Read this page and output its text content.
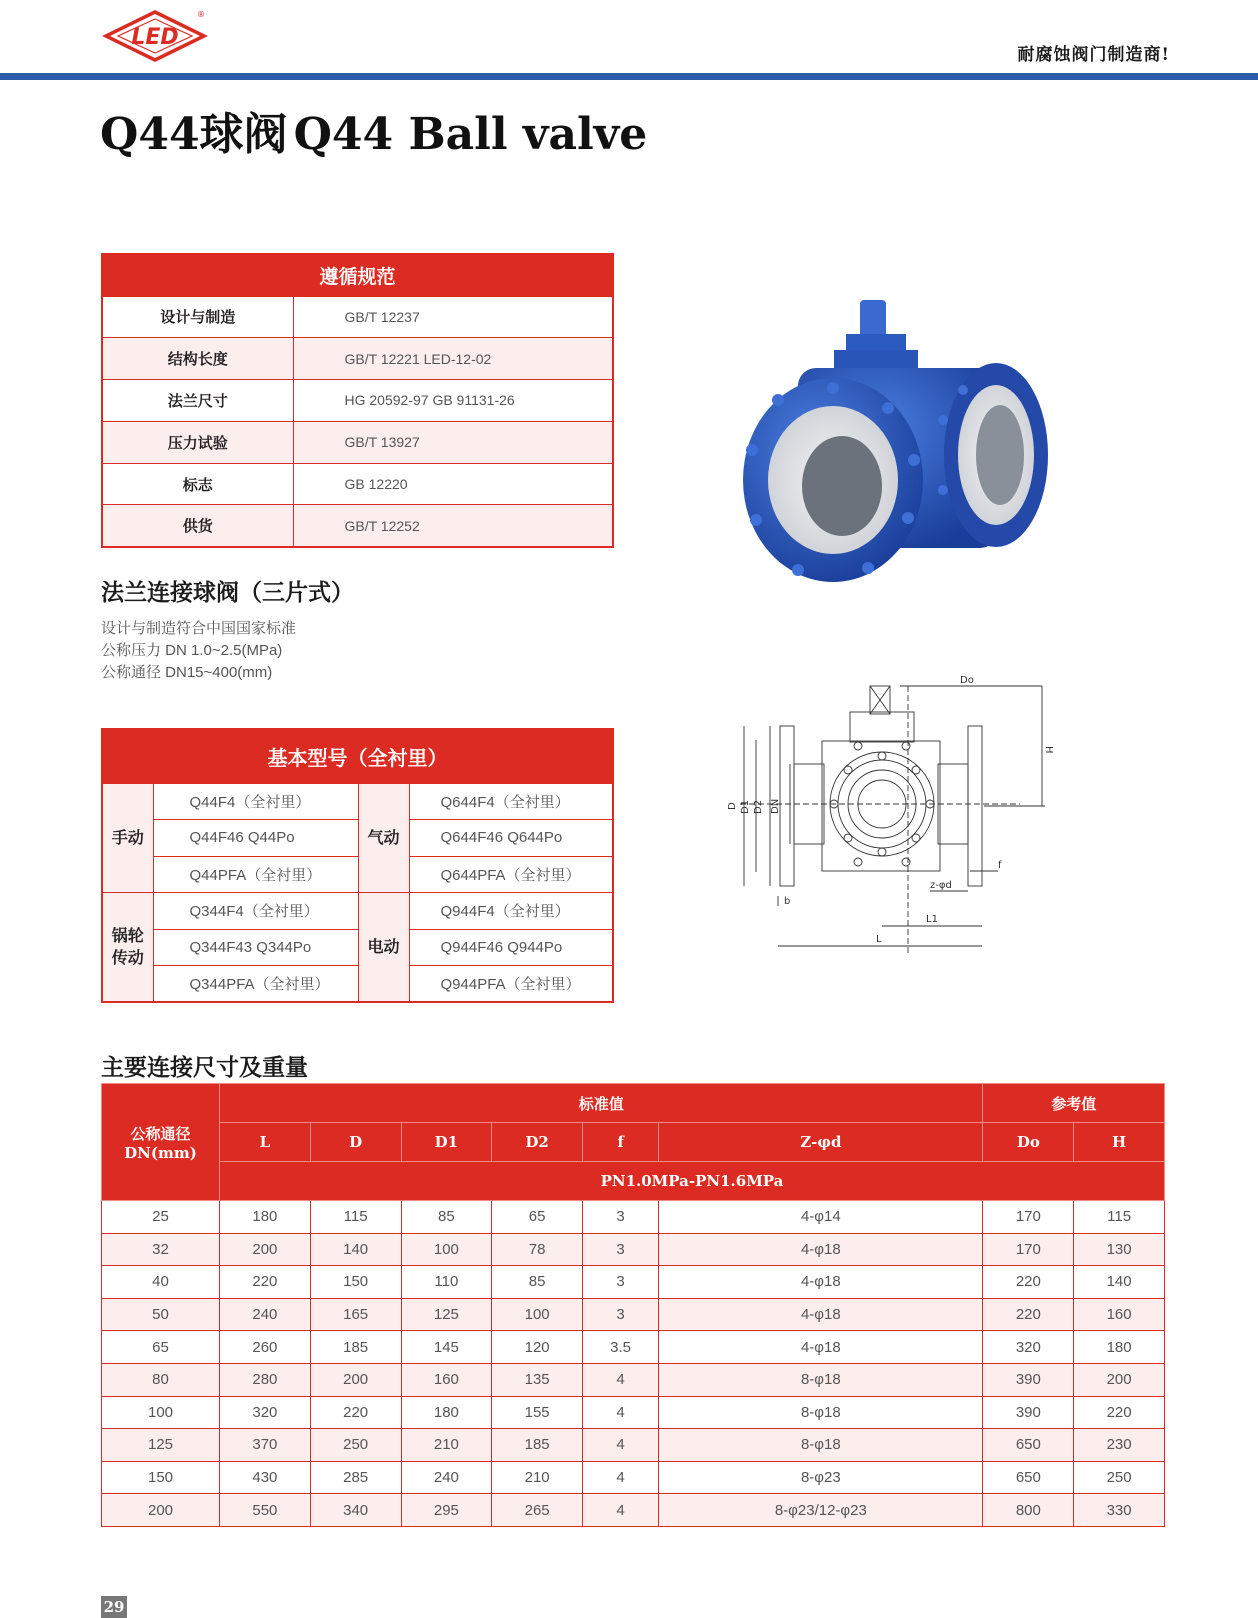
LED
®
耐腐蚀阀门制造商!
Q44球阀 Q44 Ball valve
遵循规范	
设计与制造	GB/T 12237
结构长度	GB/T 12221 LED-12-02
法兰尺寸	HG 20592-97 GB 91131-26
压力试验	GB/T 13927
标志	GB 12220
供货	GB/T 12252
法兰连接球阀（三片式）
设计与制造符合中国国家标准
公称压力 DN 1.0~2.5(MPa)
公称通径 DN15~400(mm)
基本型号（全衬里）			
手动	Q44F4（全衬里）	气动	Q644F4（全衬里）
	Q44F46 Q44Po		Q644F46 Q644Po
	Q44PFA（全衬里）		Q644PFA（全衬里）

锅轮
传动	Q344F4（全衬里）	电动	Q944F4（全衬里）
	Q344F43 Q344Po		Q944F46 Q944Po
	Q344PFA（全衬里）		Q944PFA（全衬里）
Do
H
D D1 D2 DN
f
z-φd
b
L1
L
主要连接尺寸及重量
公称通径
DN(mm)	标准值						参考值	
	L	D	D1	D2	f	Z-φd	Do	H
	PN1.0MPa-PN1.6MPa							
25	180	115	85	65	3	4-φ14	170	115
32	200	140	100	78	3	4-φ18	170	130
40	220	150	110	85	3	4-φ18	220	140
50	240	165	125	100	3	4-φ18	220	160
65	260	185	145	120	3.5	4-φ18	320	180
80	280	200	160	135	4	8-φ18	390	200
100	320	220	180	155	4	8-φ18	390	220
125	370	250	210	185	4	8-φ18	650	230
150	430	285	240	210	4	8-φ23	650	250
200	550	340	295	265	4	8-φ23/12-φ23	800	330
29
